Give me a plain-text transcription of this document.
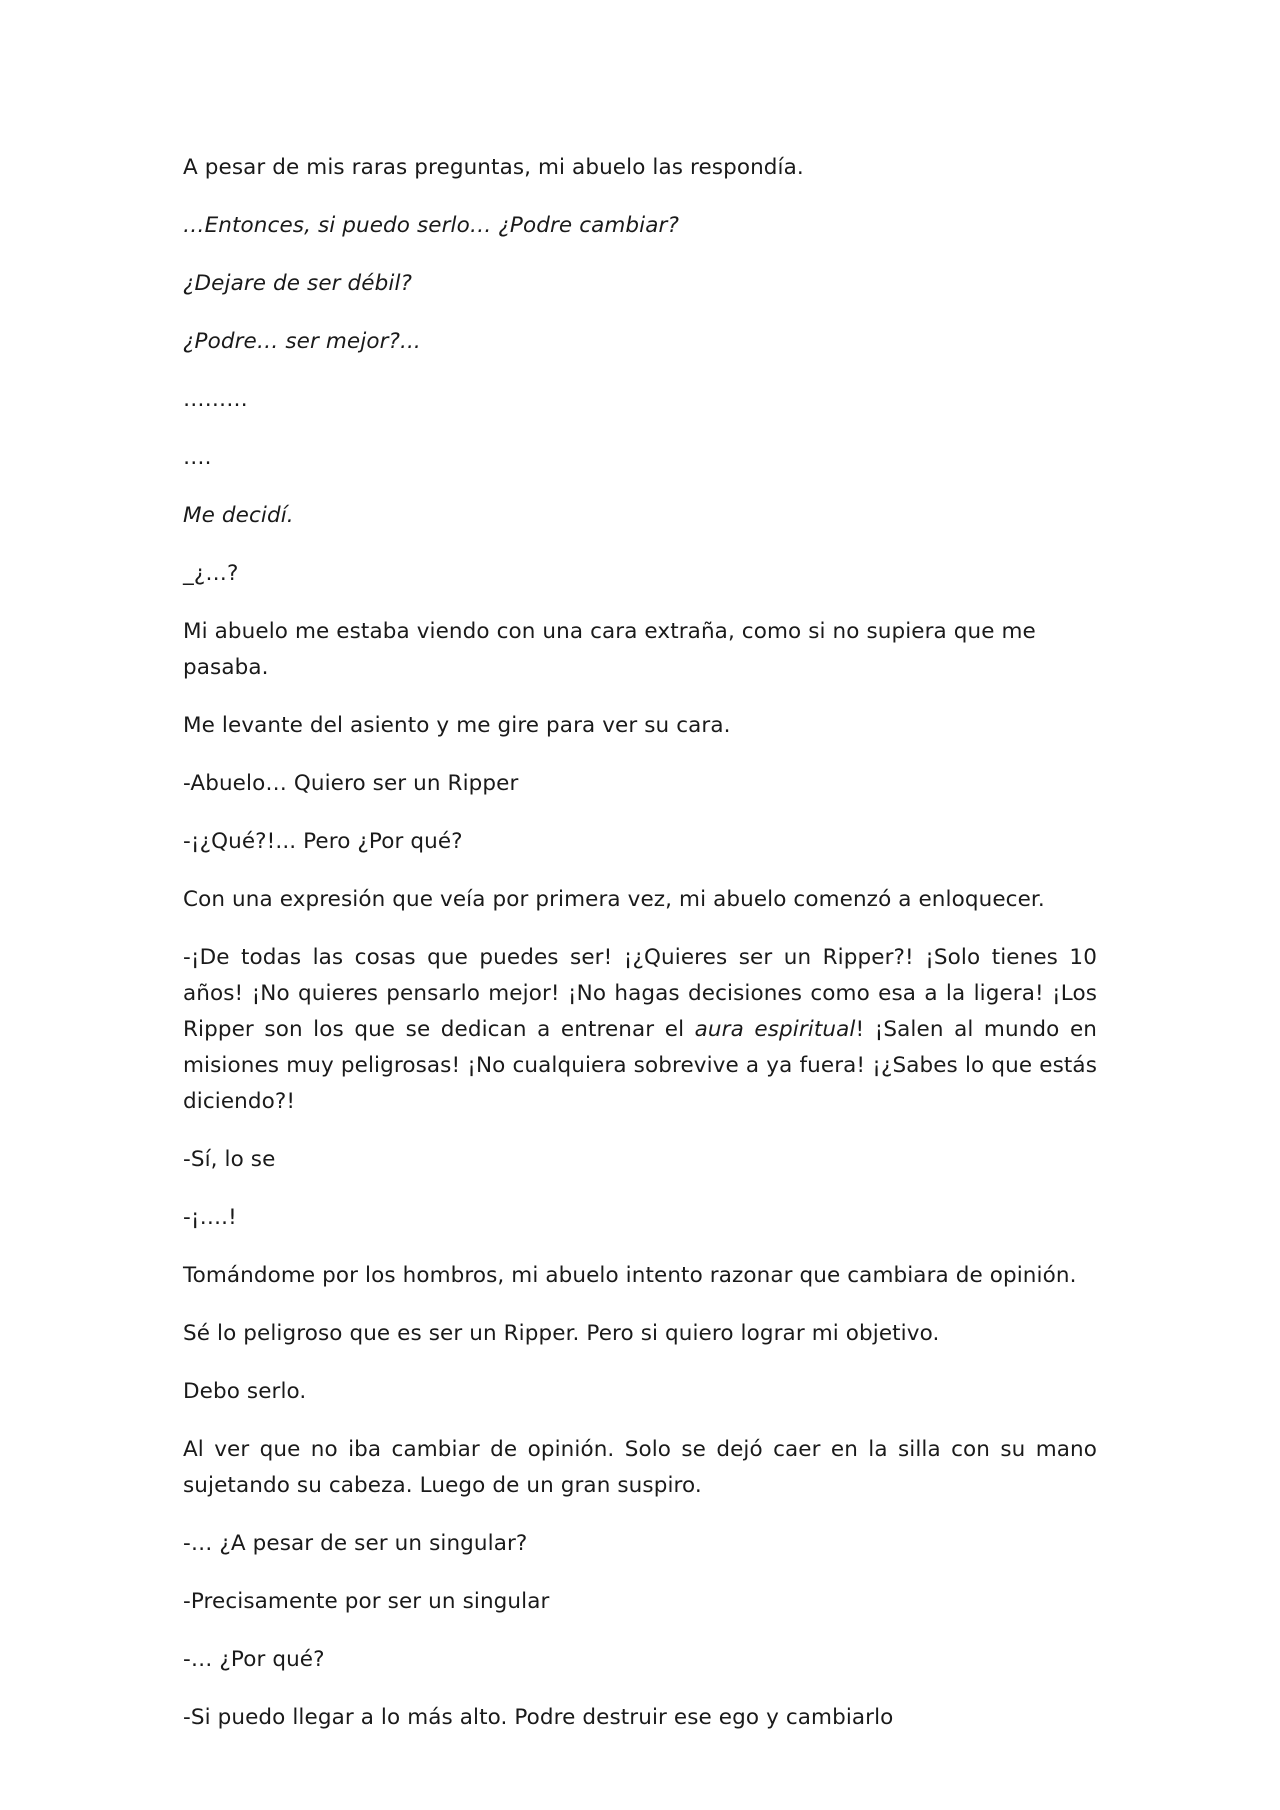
A pesar de mis raras preguntas, mi abuelo las respondía.

…Entonces, si puedo serlo… ¿Podre cambiar?

¿Dejare de ser débil?

¿Podre… ser mejor?...

………

….

Me decidí.

_¿…?

Mi abuelo me estaba viendo con una cara extraña, como si no supiera que me pasaba.

Me levante del asiento y me gire para ver su cara.

-Abuelo… Quiero ser un Ripper

-¡¿Qué?!... Pero ¿Por qué?

Con una expresión que veía por primera vez, mi abuelo comenzó a enloquecer.

-¡De todas las cosas que puedes ser! ¡¿Quieres ser un Ripper?! ¡Solo tienes 10 años! ¡No quieres pensarlo mejor! ¡No hagas decisiones como esa a la ligera! ¡Los Ripper son los que se dedican a entrenar el aura espiritual! ¡Salen al mundo en misiones muy peligrosas! ¡No cualquiera sobrevive a ya fuera! ¡¿Sabes lo que estás diciendo?!

-Sí, lo se

-¡….!

Tomándome por los hombros, mi abuelo intento razonar que cambiara de opinión.

Sé lo peligroso que es ser un Ripper. Pero si quiero lograr mi objetivo.

Debo serlo.

Al ver que no iba cambiar de opinión. Solo se dejó caer en la silla con su mano sujetando su cabeza. Luego de un gran suspiro.

-… ¿A pesar de ser un singular?

-Precisamente por ser un singular

-… ¿Por qué?

-Si puedo llegar a lo más alto. Podre destruir ese ego y cambiarlo
